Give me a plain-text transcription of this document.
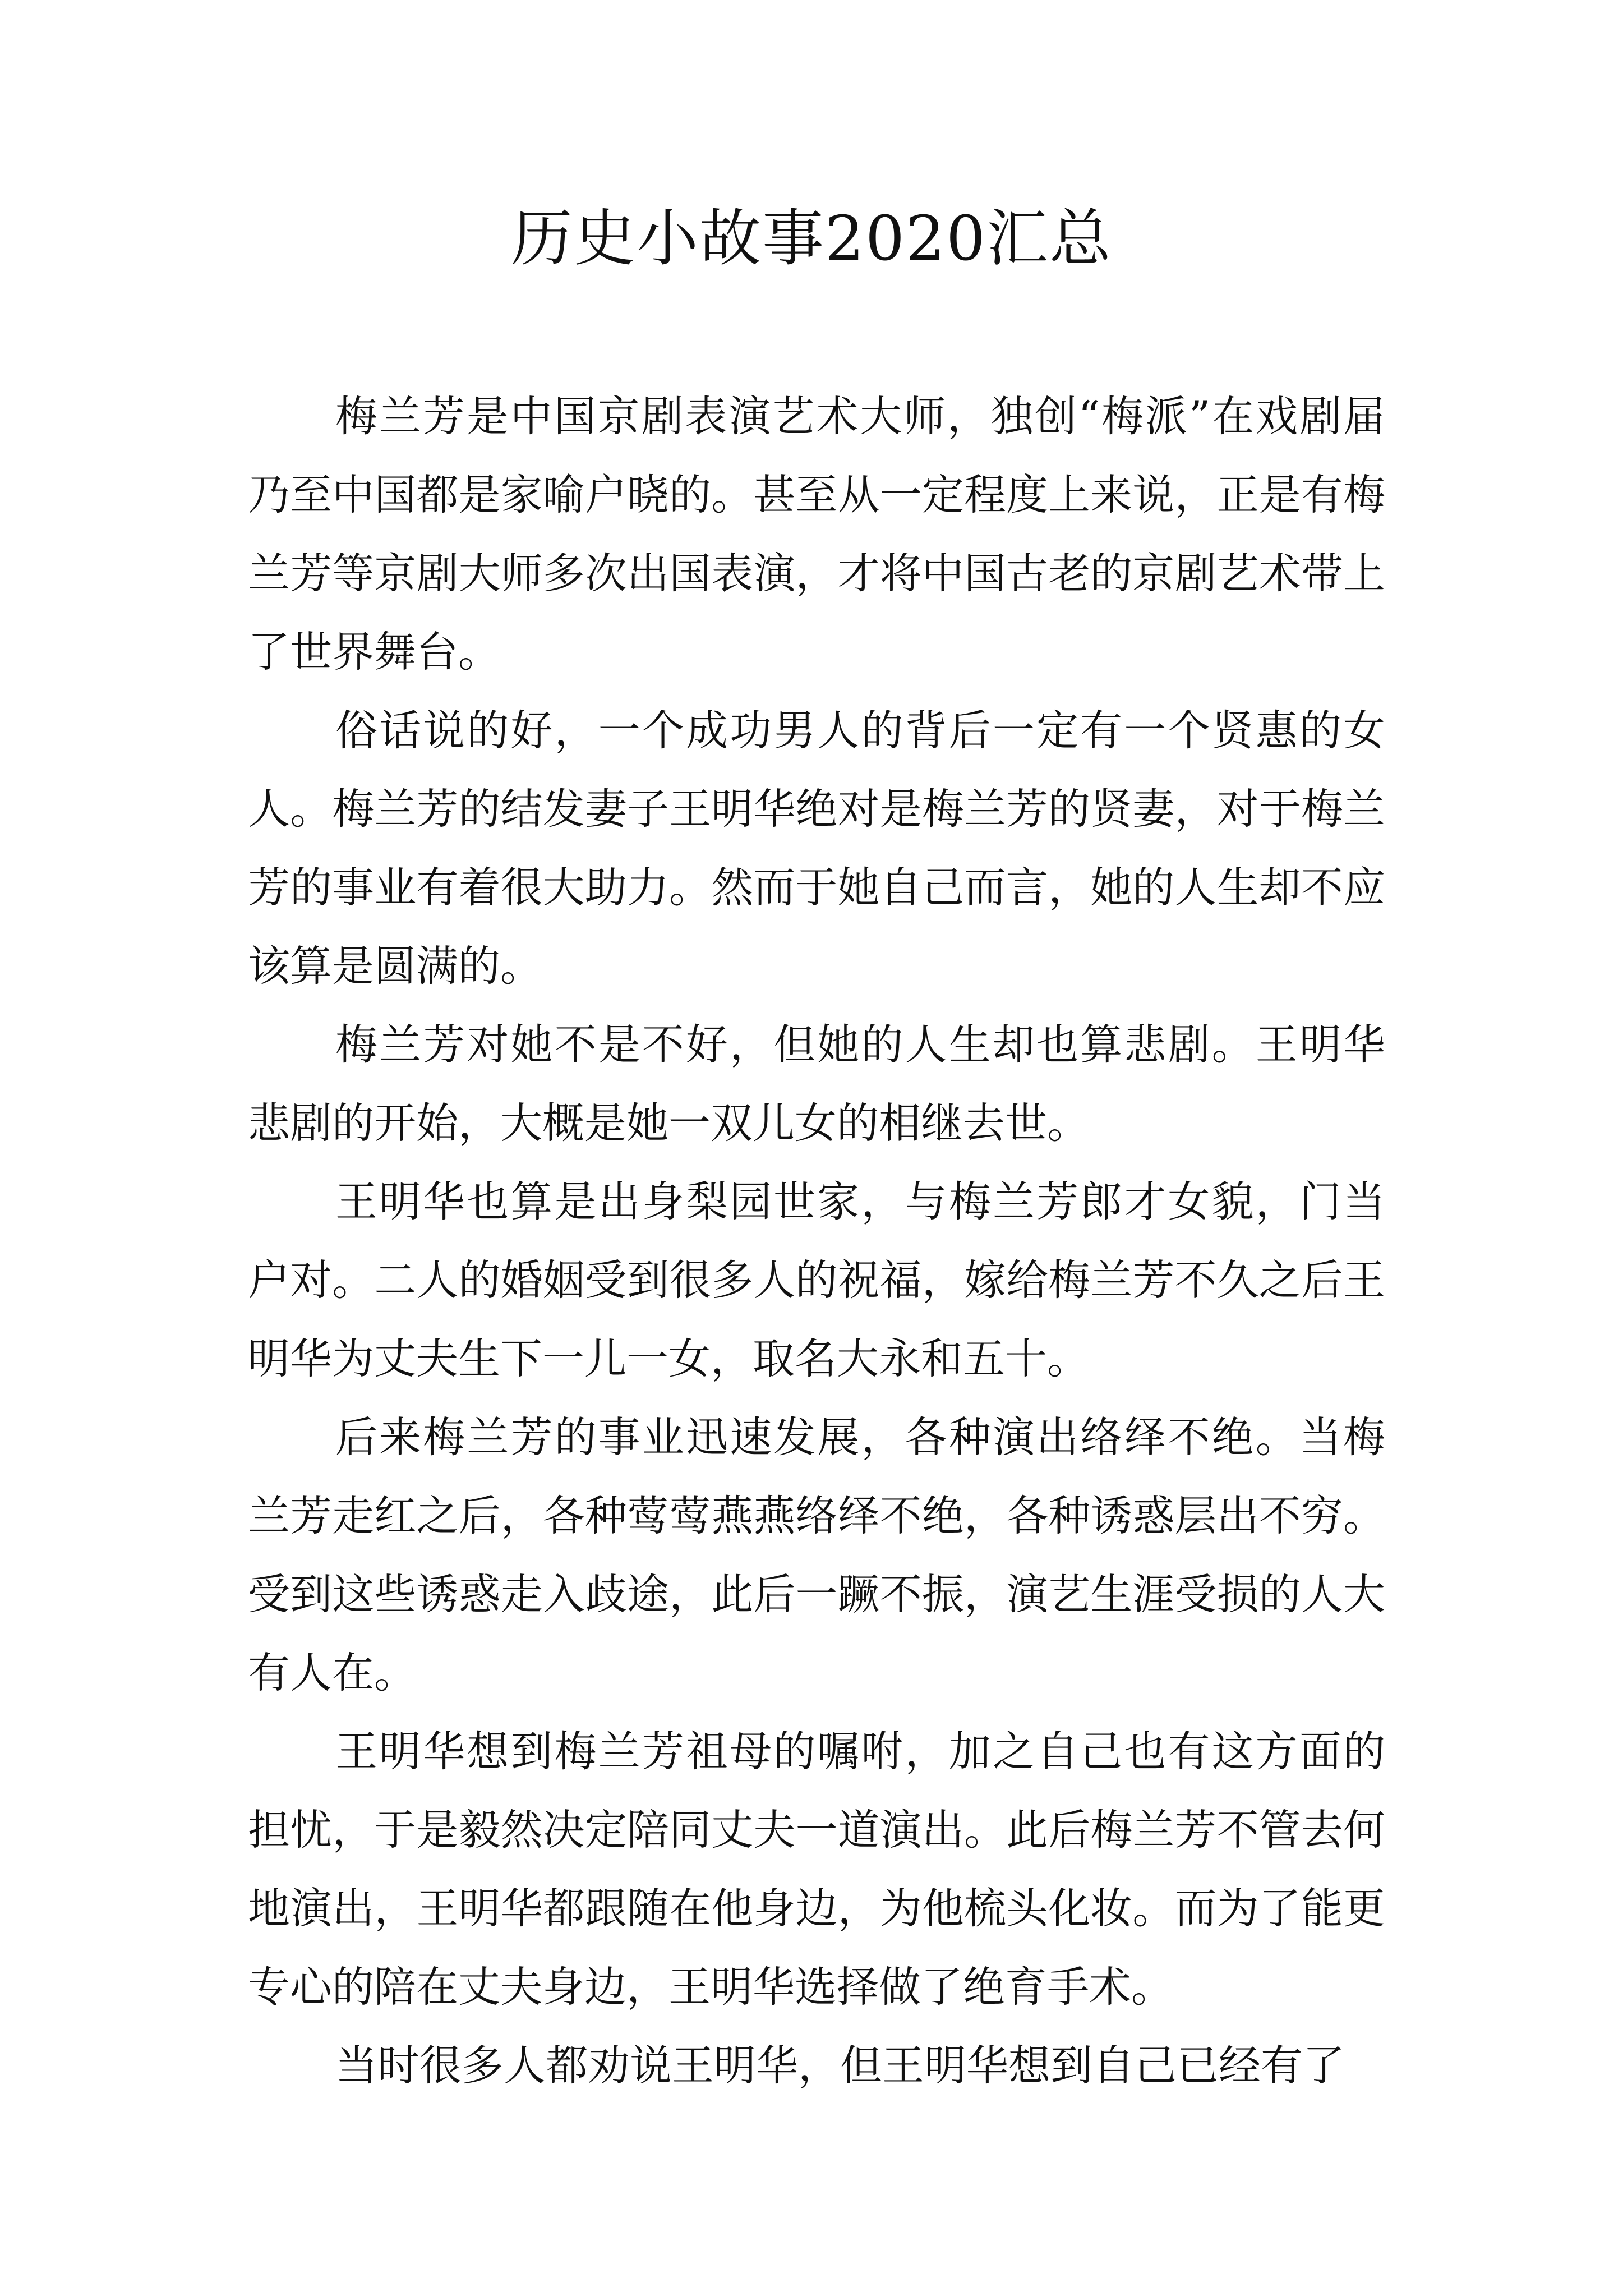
历史小故事2020汇总

梅兰芳是中国京剧表演艺术大师，独创“梅派”在戏剧届乃至中国都是家喻户晓的。甚至从一定程度上来说，正是有梅兰芳等京剧大师多次出国表演，才将中国古老的京剧艺术带上了世界舞台。

俗话说的好，一个成功男人的背后一定有一个贤惠的女人。梅兰芳的结发妻子王明华绝对是梅兰芳的贤妻，对于梅兰芳的事业有着很大助力。然而于她自己而言，她的人生却不应该算是圆满的。

梅兰芳对她不是不好，但她的人生却也算悲剧。王明华悲剧的开始，大概是她一双儿女的相继去世。

王明华也算是出身梨园世家，与梅兰芳郎才女貌，门当户对。二人的婚姻受到很多人的祝福，嫁给梅兰芳不久之后王明华为丈夫生下一儿一女，取名大永和五十。

后来梅兰芳的事业迅速发展，各种演出络绎不绝。当梅兰芳走红之后，各种莺莺燕燕络绎不绝，各种诱惑层出不穷。受到这些诱惑走入歧途，此后一蹶不振，演艺生涯受损的人大有人在。

王明华想到梅兰芳祖母的嘱咐，加之自己也有这方面的担忧，于是毅然决定陪同丈夫一道演出。此后梅兰芳不管去何地演出，王明华都跟随在他身边，为他梳头化妆。而为了能更专心的陪在丈夫身边，王明华选择做了绝育手术。

当时很多人都劝说王明华，但王明华想到自己已经有了
